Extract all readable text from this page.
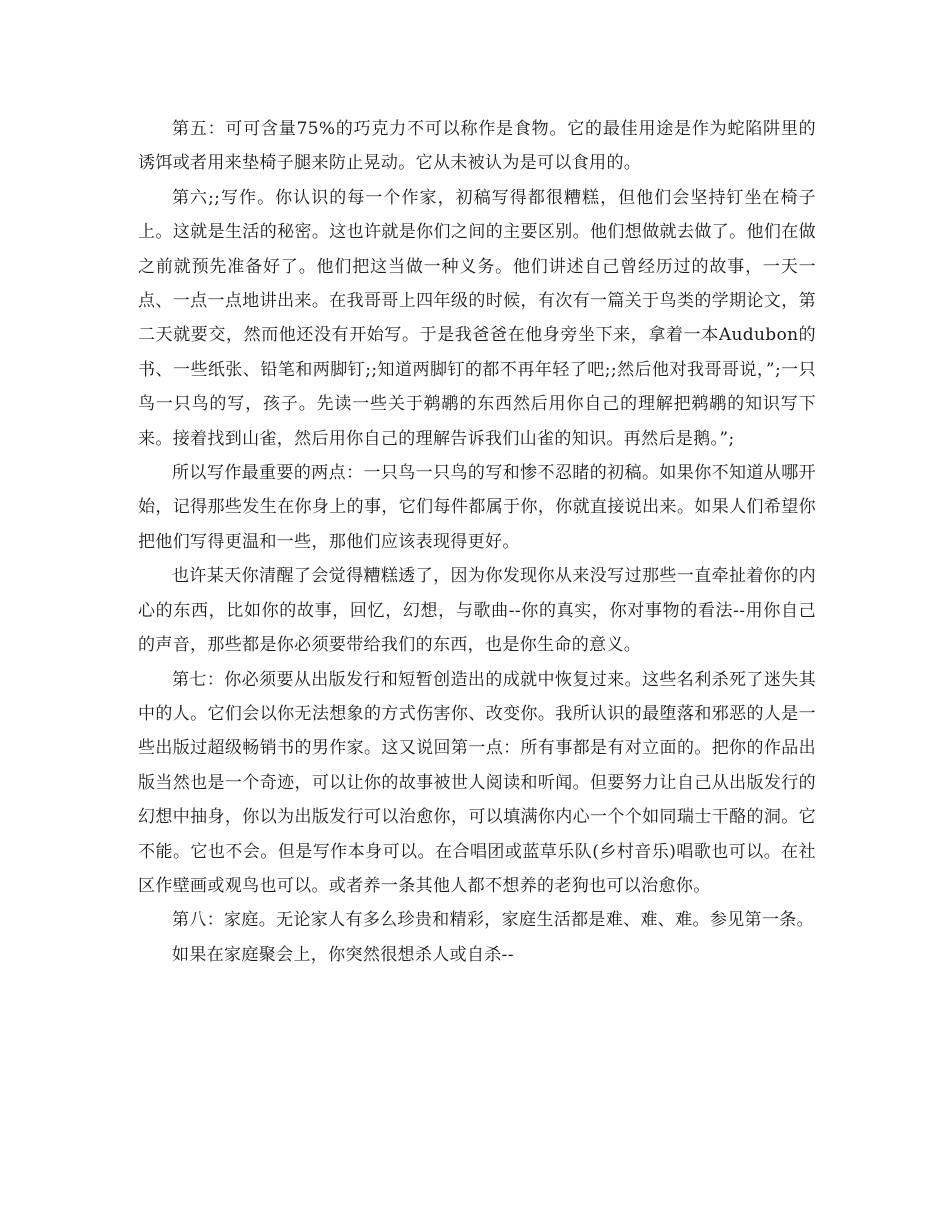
第五：可可含量75%的巧克力不可以称作是食物。它的最佳用途是作为蛇陷阱里的诱饵或者用来垫椅子腿来防止晃动。它从未被认为是可以食用的。

第六;;写作。你认识的每一个作家，初稿写得都很糟糕，但他们会坚持钉坐在椅子上。这就是生活的秘密。这也许就是你们之间的主要区别。他们想做就去做了。他们在做之前就预先准备好了。他们把这当做一种义务。他们讲述自己曾经历过的故事，一天一点、一点一点地讲出来。在我哥哥上四年级的时候，有次有一篇关于鸟类的学期论文，第二天就要交，然而他还没有开始写。于是我爸爸在他身旁坐下来，拿着一本Audubon的书、一些纸张、铅笔和两脚钉;;知道两脚钉的都不再年轻了吧;;然后他对我哥哥说，”;一只鸟一只鸟的写，孩子。先读一些关于鹈鹕的东西然后用你自己的理解把鹈鹕的知识写下来。接着找到山雀，然后用你自己的理解告诉我们山雀的知识。再然后是鹅。”;

所以写作最重要的两点：一只鸟一只鸟的写和惨不忍睹的初稿。如果你不知道从哪开始，记得那些发生在你身上的事，它们每件都属于你，你就直接说出来。如果人们希望你把他们写得更温和一些，那他们应该表现得更好。

也许某天你清醒了会觉得糟糕透了，因为你发现你从来没写过那些一直牵扯着你的内心的东西，比如你的故事，回忆，幻想，与歌曲--你的真实，你对事物的看法--用你自己的声音，那些都是你必须要带给我们的东西，也是你生命的意义。

第七：你必须要从出版发行和短暂创造出的成就中恢复过来。这些名利杀死了迷失其中的人。它们会以你无法想象的方式伤害你、改变你。我所认识的最堕落和邪恶的人是一些出版过超级畅销书的男作家。这又说回第一点：所有事都是有对立面的。把你的作品出版当然也是一个奇迹，可以让你的故事被世人阅读和听闻。但要努力让自己从出版发行的幻想中抽身，你以为出版发行可以治愈你，可以填满你内心一个个如同瑞士干酪的洞。它不能。它也不会。但是写作本身可以。在合唱团或蓝草乐队(乡村音乐)唱歌也可以。在社区作壁画或观鸟也可以。或者养一条其他人都不想养的老狗也可以治愈你。

第八：家庭。无论家人有多么珍贵和精彩，家庭生活都是难、难、难。参见第一条。

如果在家庭聚会上，你突然很想杀人或自杀--
